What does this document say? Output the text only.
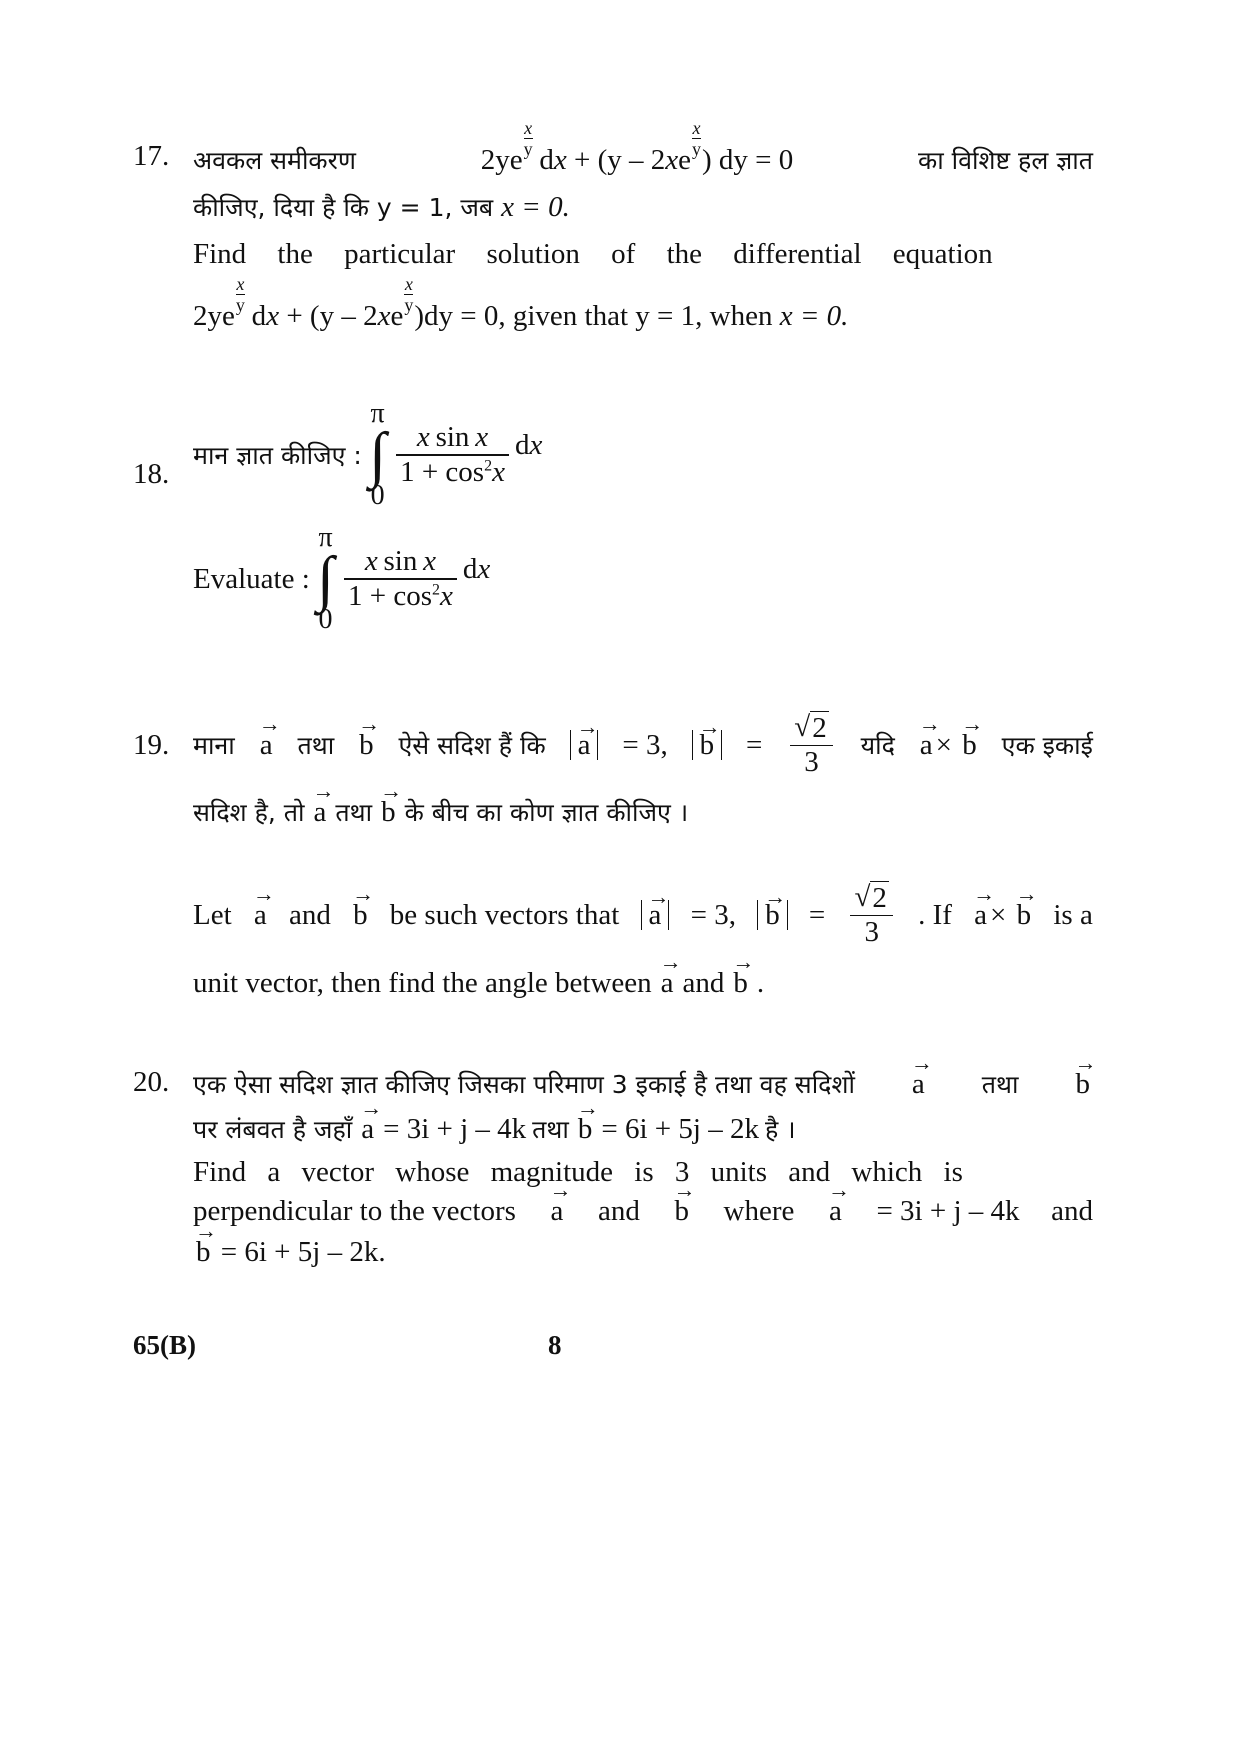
17. अवकल समीकरण	2ye
x
y  d x + (y – 2 x e
x
y ) dy = 0	का विशिष्ट हल ज्ञात
कीजिए, दिया है कि y = 1, जब
x = 0.
Find the particular solution of the differential equation
2ye
x
y  d x + (y – 2 x e
x
y ) dy = 0, given that y = 1, when
x = 0.
18.
मान ज्ञात कीजिए :

π
∫
0
$\frac{\text{x sin x}}{1 + \cos^2x}$ dx
Evaluate :

π
∫
0
$\frac{\text{x sin x}}{1 + \cos^2x}$ dx
19. माना → a तथा → b ऐसे सदिश हैं कि → a = 3, → $b = \frac{√ 2}{3}$ यदि → a × → b एक इकाई
सदिश है, तो → a तथा → b के बीच का कोण ज्ञात कीजिए ।
Let → a and → b be such vectors that → a = 3, → $b = \frac{√ 2}{3}$ . If → a × → b is a
unit vector, then find the angle between → a and → b .
20. एक ऐसा सदिश ज्ञात कीजिए जिसका परिमाण 3 इकाई है तथा वह सदिशों → a तथा → b
पर लंबवत है जहाँ → a = 3i + j – 4k तथा → b = 6i + 5j – 2k है ।
Find a vector whose magnitude is 3 units and which is
perpendicular to the vectors → a and → b where → a = 3i + j – 4k and
→ b
= 6i + 5j – 2k .
65(B)	8
